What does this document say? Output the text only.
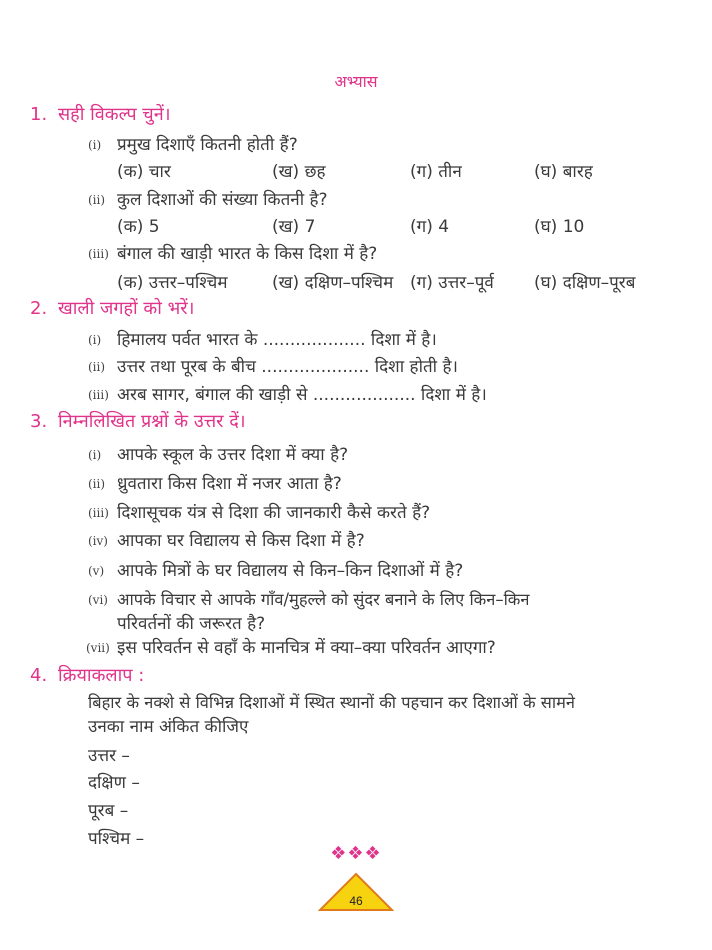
अभ्यास
1. सही विकल्प चुनें।
(i) प्रमुख दिशाएँ कितनी होती हैं?
(क) चार	(ख) छह	(ग) तीन	(घ) बारह
(ii) कुल दिशाओं की संख्या कितनी है?
(क) 5	(ख) 7	(ग) 4	(घ) 10
(iii) बंगाल की खाड़ी भारत के किस दिशा में है?
(क) उत्तर–पश्चिम	(ख) दक्षिण–पश्चिम (ग) उत्तर–पूर्व (घ) दक्षिण–पूरब
2. खाली जगहों को भरें।
(i) हिमालय पर्वत भारत के ................... दिशा में है।
(ii) उत्तर तथा पूरब के बीच .................... दिशा होती है।
(iii) अरब सागर, बंगाल की खाड़ी से ................... दिशा में है।
3. निम्नलिखित प्रश्नों के उत्तर दें।
(i) आपके स्कूल के उत्तर दिशा में क्या है?
(ii) ध्रुवतारा किस दिशा में नजर आता है?
(iii) दिशासूचक यंत्र से दिशा की जानकारी कैसे करते हैं?
(iv) आपका घर विद्यालय से किस दिशा में है?
(v) आपके मित्रों के घर विद्यालय से किन–किन दिशाओं में है?
(vi) आपके विचार से आपके गाँव/मुहल्ले को सुंदर बनाने के लिए किन–किन
परिवर्तनों की जरूरत है?
(vii) इस परिवर्तन से वहाँ के मानचित्र में क्या–क्या परिवर्तन आएगा?
4. क्रियाकलाप :
बिहार के नक्शे से विभिन्न दिशाओं में स्थित स्थानों की पहचान कर दिशाओं के सामने
उनका नाम अंकित कीजिए
उत्तर –
दक्षिण –
पूरब –
पश्चिम –
❖❖❖
46
